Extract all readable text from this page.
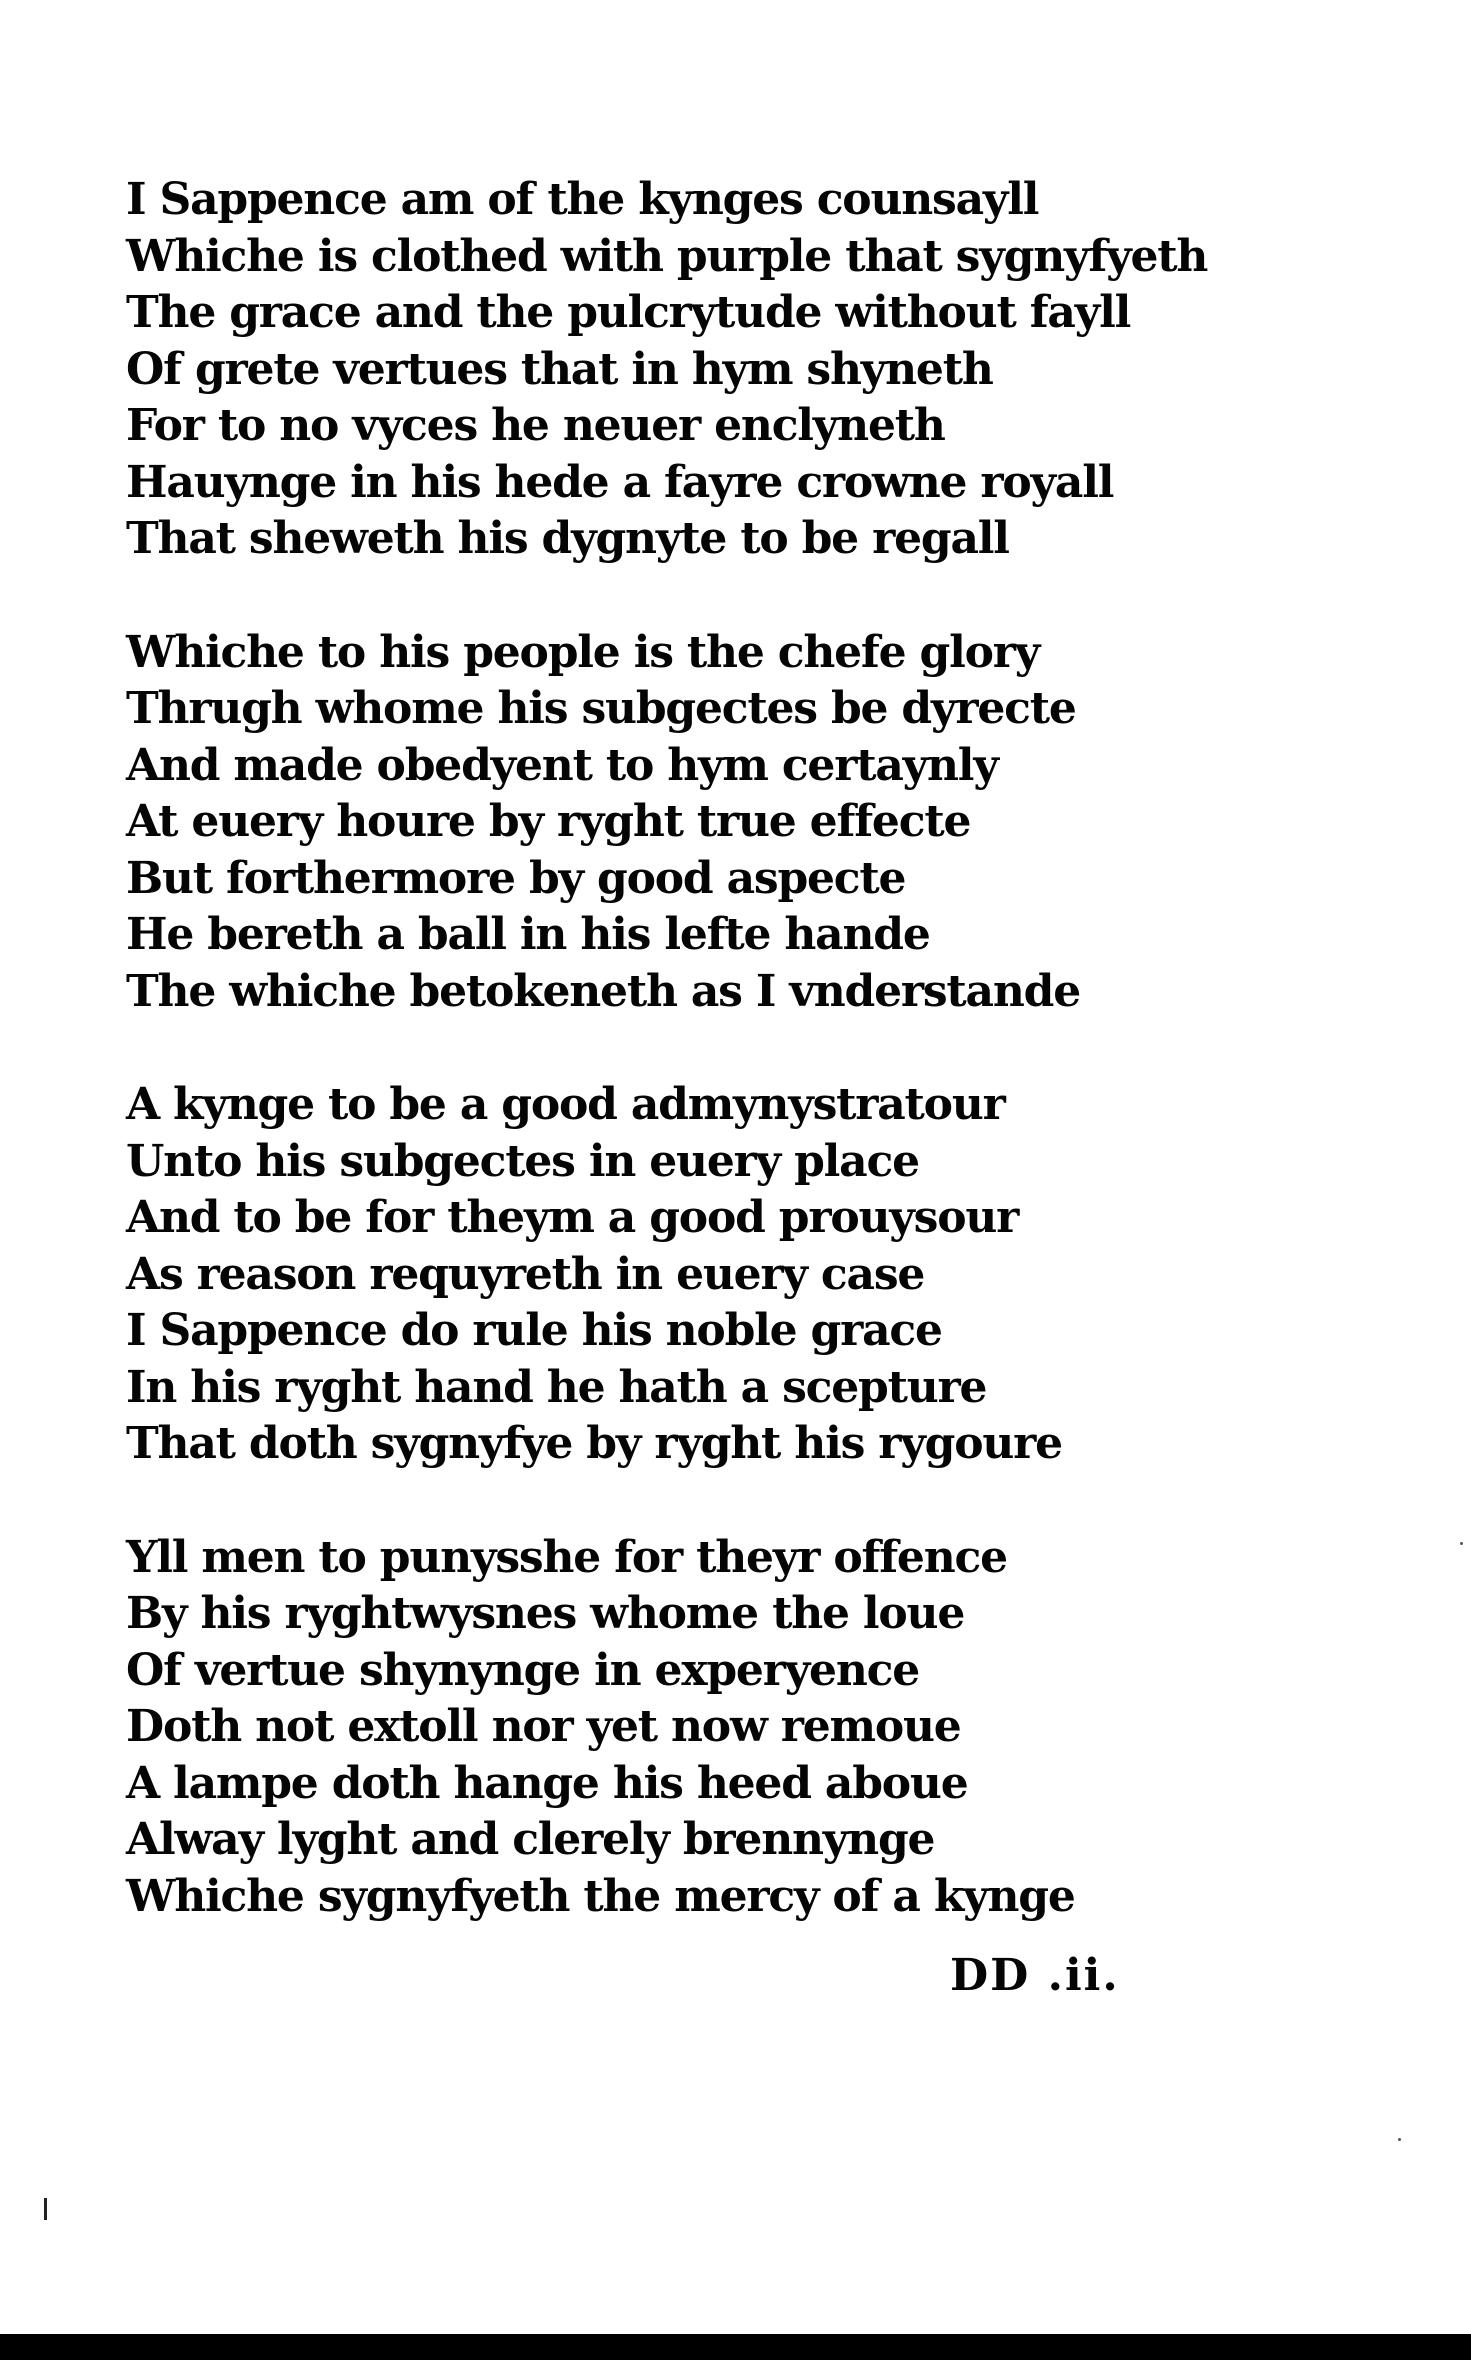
I Sappence am of the kynges counsayll
Whiche is clothed with purple that sygnyfyeth
The grace and the pulcrytude without fayll
Of grete vertues that in hym shyneth
For to no vyces he neuer enclyneth
Hauynge in his hede a fayre crowne royall
That sheweth his dygnyte to be regall
Whiche to his people is the chefe glory
Thrugh whome his subgectes be dyrecte
And made obedyent to hym certaynly
At euery houre by ryght true effecte
But forthermore by good aspecte
He bereth a ball in his lefte hande
The whiche betokeneth as I vnderstande
A kynge to be a good admynystratour
Unto his subgectes in euery place
And to be for theym a good prouysour
As reason requyreth in euery case
I Sappence do rule his noble grace
In his ryght hand he hath a scepture
That doth sygnyfye by ryght his rygoure
Yll men to punysshe for theyr offence
By his ryghtwysnes whome the loue
Of vertue shynynge in experyence
Doth not extoll nor yet now remoue
A lampe doth hange his heed aboue
Alway lyght and clerely brennynge
Whiche sygnyfyeth the mercy of a kynge
DD .ii.
